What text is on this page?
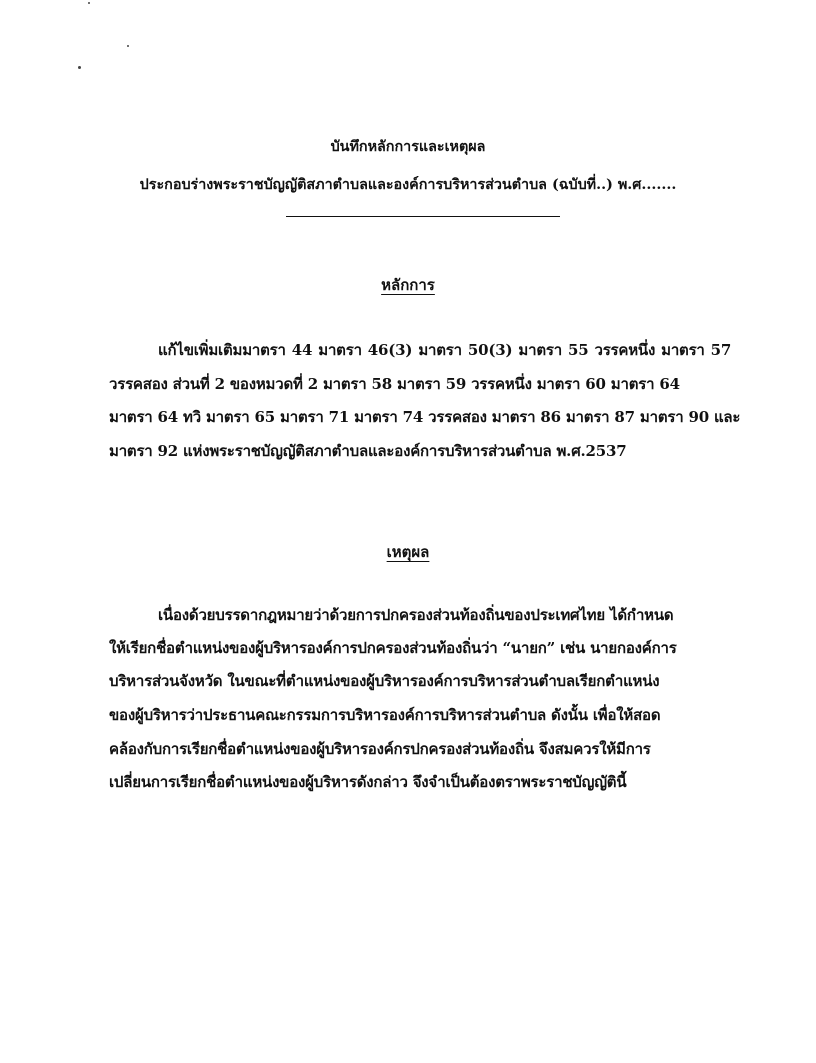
บันทึกหลักการและเหตุผล
ประกอบร่างพระราชบัญญัติสภาตำบลและองค์การบริหารส่วนตำบล (ฉบับที่..) พ.ศ.......
หลักการ
แก้ไขเพิ่มเติมมาตรา 44 มาตรา 46(3) มาตรา 50(3) มาตรา 55 วรรคหนึ่ง มาตรา 57
วรรคสอง ส่วนที่ 2 ของหมวดที่ 2 มาตรา 58 มาตรา 59 วรรคหนึ่ง มาตรา 60 มาตรา 64
มาตรา 64 ทวิ มาตรา 65 มาตรา 71 มาตรา 74 วรรคสอง มาตรา 86 มาตรา 87 มาตรา 90 และ
มาตรา 92 แห่งพระราชบัญญัติสภาตำบลและองค์การบริหารส่วนตำบล พ.ศ.2537
เหตุผล
เนื่องด้วยบรรดากฎหมายว่าด้วยการปกครองส่วนท้องถิ่นของประเทศไทย ได้กำหนด
ให้เรียกชื่อตำแหน่งของผู้บริหารองค์การปกครองส่วนท้องถิ่นว่า “นายก” เช่น นายกองค์การ
บริหารส่วนจังหวัด ในขณะที่ตำแหน่งของผู้บริหารองค์การบริหารส่วนตำบลเรียกตำแหน่ง
ของผู้บริหารว่าประธานคณะกรรมการบริหารองค์การบริหารส่วนตำบล ดังนั้น เพื่อให้สอด
คล้องกับการเรียกชื่อตำแหน่งของผู้บริหารองค์กรปกครองส่วนท้องถิ่น จึงสมควรให้มีการ
เปลี่ยนการเรียกชื่อตำแหน่งของผู้บริหารดังกล่าว จึงจำเป็นต้องตราพระราชบัญญัตินี้
